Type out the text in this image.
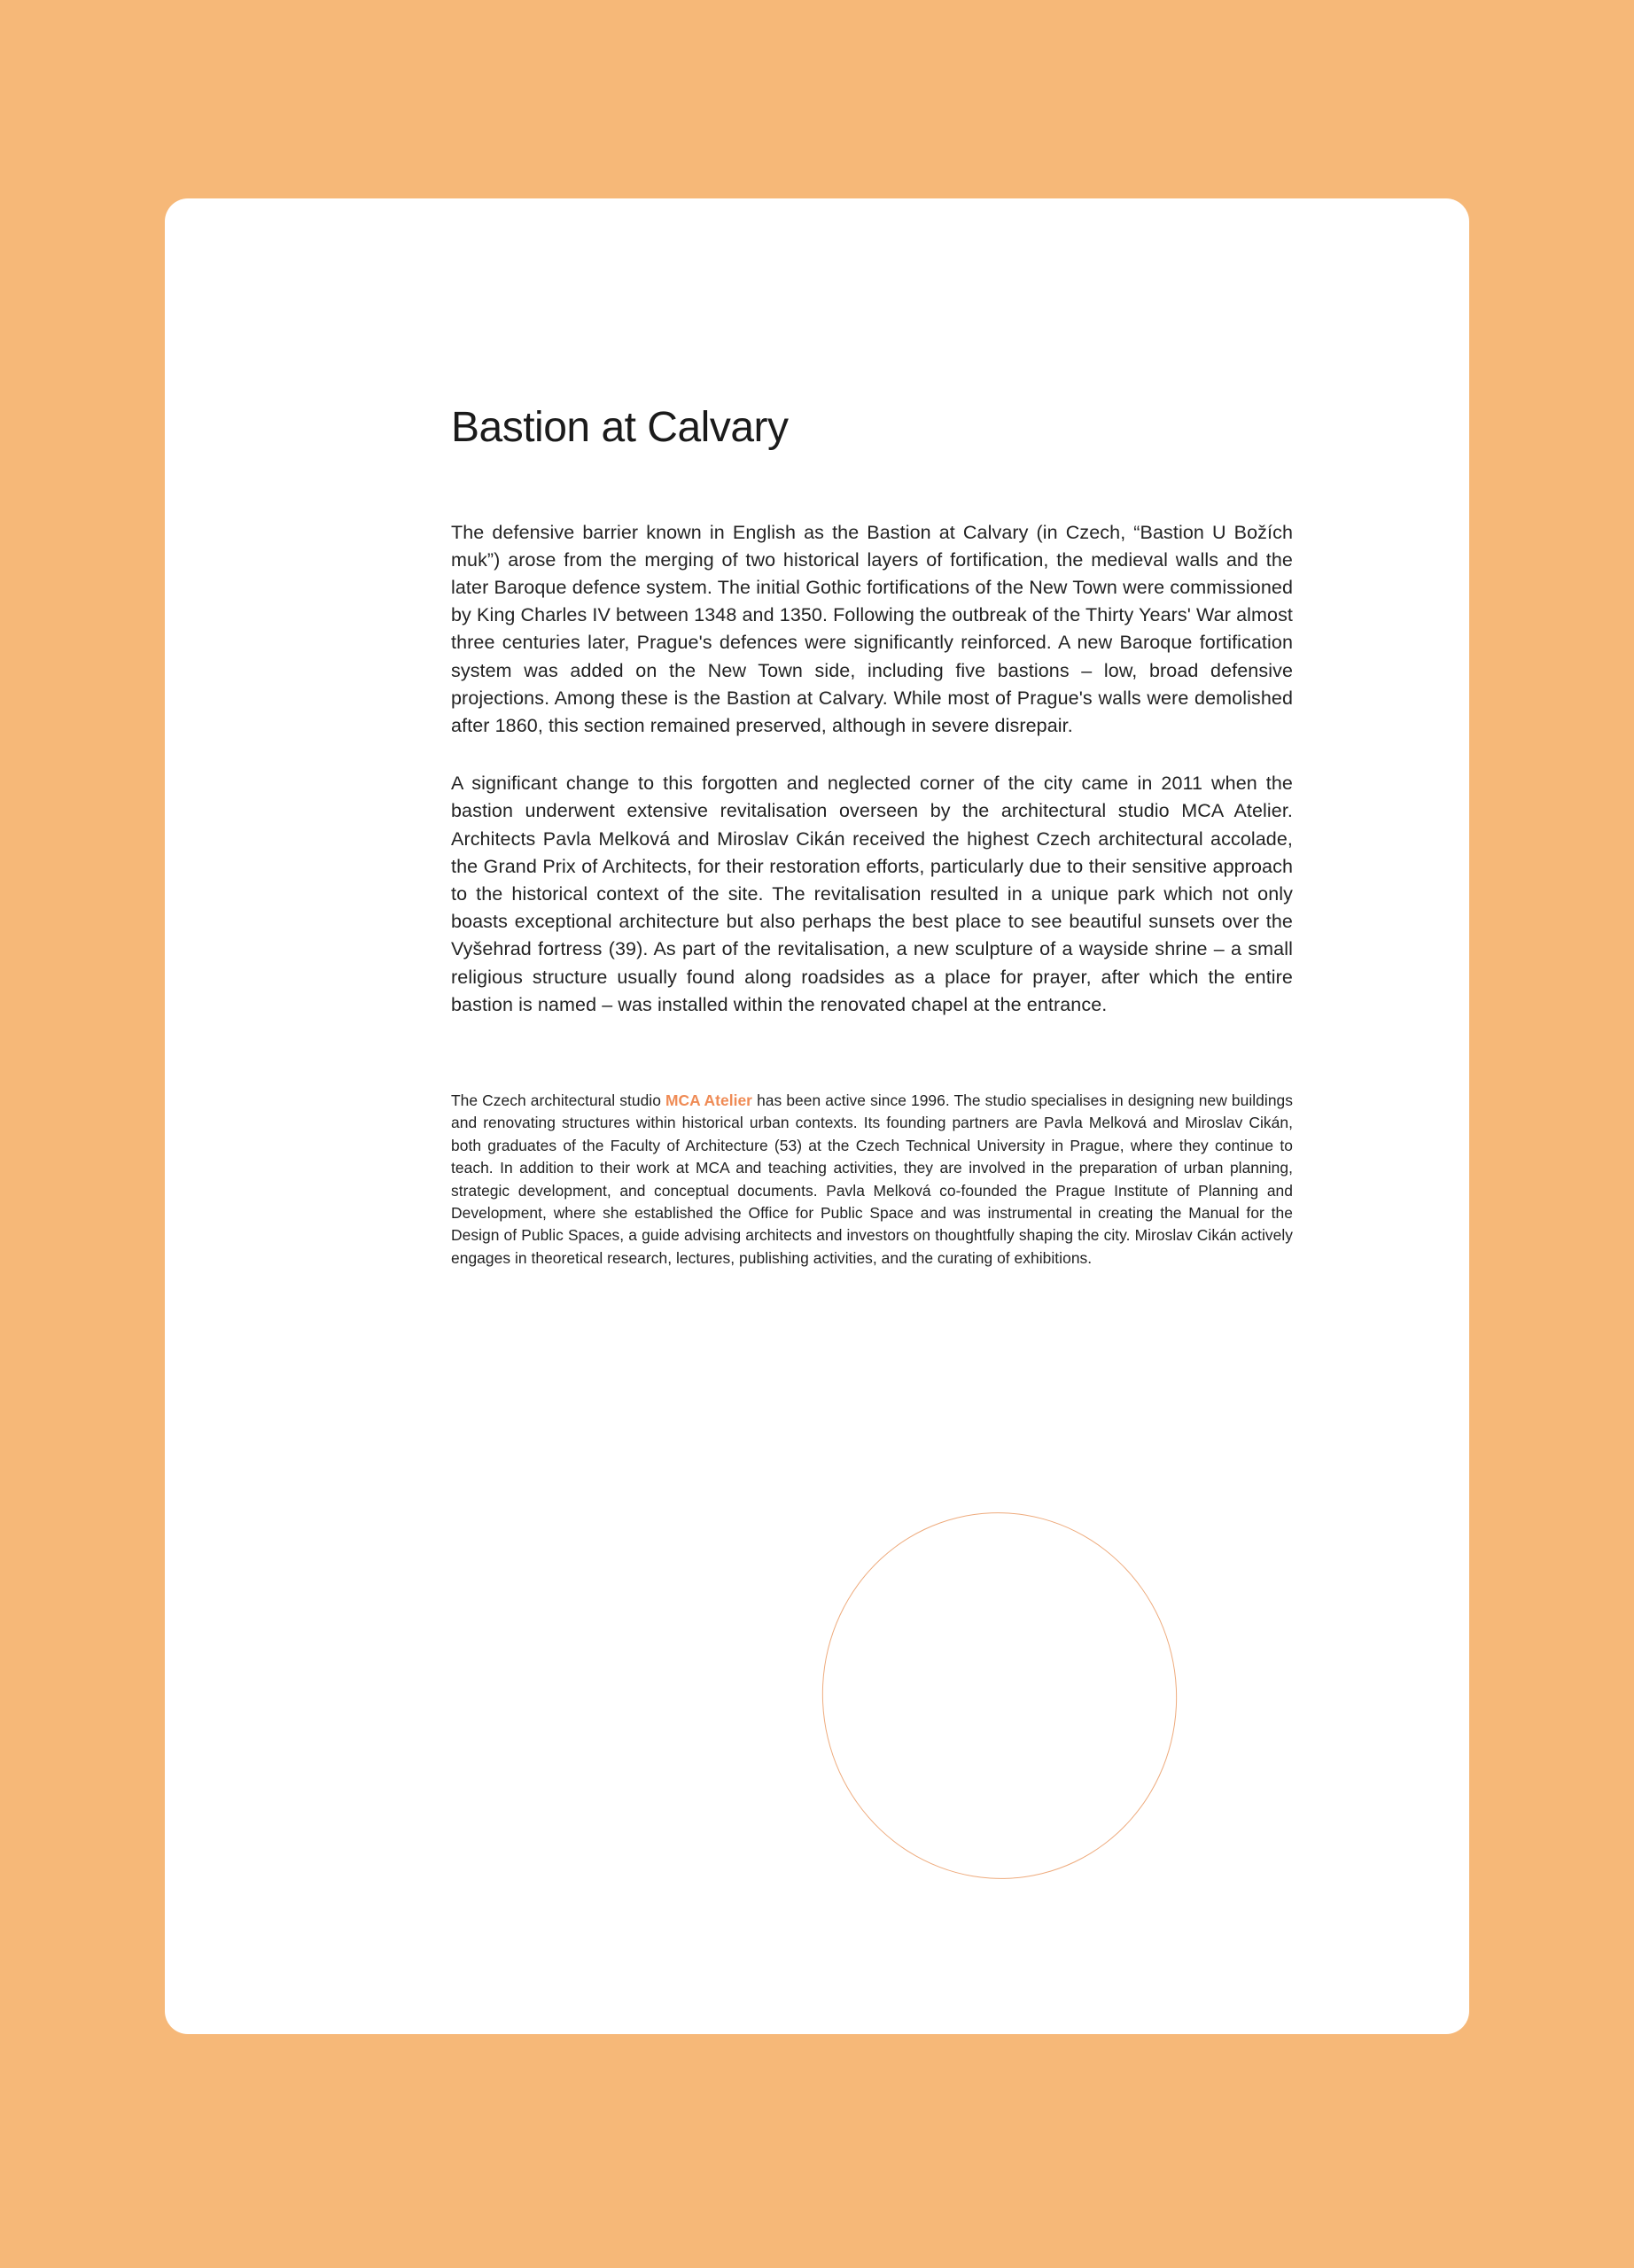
Bastion at Calvary

The defensive barrier known in English as the Bastion at Calvary (in Czech, “Bastion U Božích muk”) arose from the merging of two historical layers of fortification, the medieval walls and the later Baroque defence system. The initial Gothic fortifications of the New Town were commissioned by King Charles IV between 1348 and 1350. Following the outbreak of the Thirty Years' War almost three centuries later, Prague's defences were significantly reinforced. A new Baroque fortification system was added on the New Town side, including five bastions – low, broad defensive projections. Among these is the Bastion at Calvary. While most of Prague's walls were demolished after 1860, this section remained preserved, although in severe disrepair.

A significant change to this forgotten and neglected corner of the city came in 2011 when the bastion underwent extensive revitalisation overseen by the architectural studio MCA Atelier. Architects Pavla Melková and Miroslav Cikán received the highest Czech architectural accolade, the Grand Prix of Architects, for their restoration efforts, particularly due to their sensitive approach to the historical context of the site. The revitalisation resulted in a unique park which not only boasts exceptional architecture but also perhaps the best place to see beautiful sunsets over the Vyšehrad fortress (39). As part of the revitalisation, a new sculpture of a wayside shrine – a small religious structure usually found along roadsides as a place for prayer, after which the entire bastion is named – was installed within the renovated chapel at the entrance.

The Czech architectural studio MCA Atelier has been active since 1996. The studio specialises in designing new buildings and renovating structures within historical urban contexts. Its founding partners are Pavla Melková and Miroslav Cikán, both graduates of the Faculty of Architecture (53) at the Czech Technical University in Prague, where they continue to teach. In addition to their work at MCA and teaching activities, they are involved in the preparation of urban planning, strategic development, and conceptual documents. Pavla Melková co-founded the Prague Institute of Planning and Development, where she established the Office for Public Space and was instrumental in creating the Manual for the Design of Public Spaces, a guide advising architects and investors on thoughtfully shaping the city. Miroslav Cikán actively engages in theoretical research, lectures, publishing activities, and the curating of exhibitions.
